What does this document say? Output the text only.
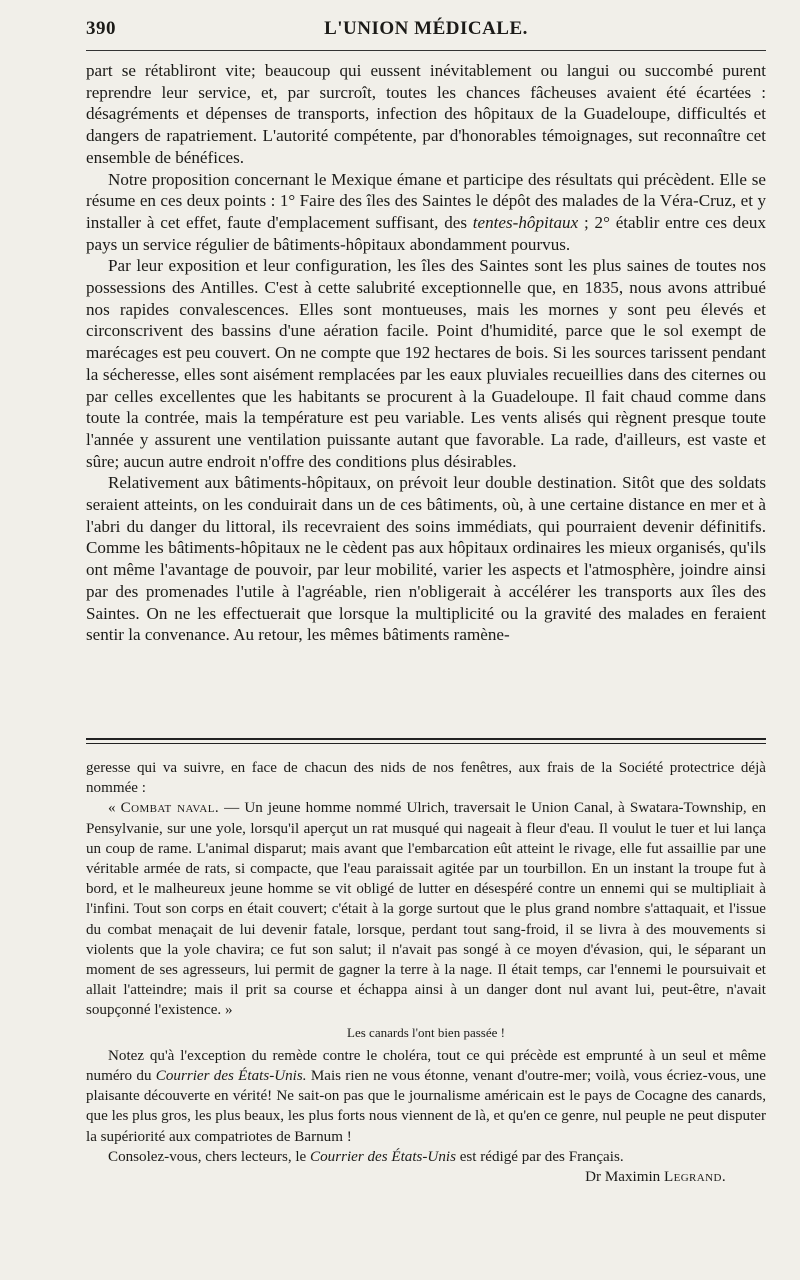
390	L'UNION MÉDICALE.

part se rétabliront vite; beaucoup qui eussent inévitablement ou langui ou succombé purent reprendre leur service, et, par surcroît, toutes les chances fâcheuses avaient été écartées : désagréments et dépenses de transports, infection des hôpitaux de la Guadeloupe, difficultés et dangers de rapatriement. L'autorité compétente, par d'honorables témoignages, sut reconnaître cet ensemble de bénéfices.

Notre proposition concernant le Mexique émane et participe des résultats qui précèdent. Elle se résume en ces deux points : 1° Faire des îles des Saintes le dépôt des malades de la Véra-Cruz, et y installer à cet effet, faute d'emplacement suffisant, des tentes-hôpitaux ; 2° établir entre ces deux pays un service régulier de bâtiments-hôpitaux abondamment pourvus.

Par leur exposition et leur configuration, les îles des Saintes sont les plus saines de toutes nos possessions des Antilles. C'est à cette salubrité exceptionnelle que, en 1835, nous avons attribué nos rapides convalescences. Elles sont montueuses, mais les mornes y sont peu élevés et circonscrivent des bassins d'une aération facile. Point d'humidité, parce que le sol exempt de marécages est peu couvert. On ne compte que 192 hectares de bois. Si les sources tarissent pendant la sécheresse, elles sont aisément remplacées par les eaux pluviales recueillies dans des citernes ou par celles excellentes que les habitants se procurent à la Guadeloupe. Il fait chaud comme dans toute la contrée, mais la température est peu variable. Les vents alisés qui règnent presque toute l'année y assurent une ventilation puissante autant que favorable. La rade, d'ailleurs, est vaste et sûre; aucun autre endroit n'offre des conditions plus désirables.

Relativement aux bâtiments-hôpitaux, on prévoit leur double destination. Sitôt que des soldats seraient atteints, on les conduirait dans un de ces bâtiments, où, à une certaine distance en mer et à l'abri du danger du littoral, ils recevraient des soins immédiats, qui pourraient devenir définitifs. Comme les bâtiments-hôpitaux ne le cèdent pas aux hôpitaux ordinaires les mieux organisés, qu'ils ont même l'avantage de pouvoir, par leur mobilité, varier les aspects et l'atmosphère, joindre ainsi par des promenades l'utile à l'agréable, rien n'obligerait à accélérer les transports aux îles des Saintes. On ne les effectuerait que lorsque la multiplicité ou la gravité des malades en feraient sentir la convenance. Au retour, les mêmes bâtiments ramène-

geresse qui va suivre, en face de chacun des nids de nos fenêtres, aux frais de la Société protectrice déjà nommée :

« Combat naval. — Un jeune homme nommé Ulrich, traversait le Union Canal, à Swatara-Township, en Pensylvanie, sur une yole, lorsqu'il aperçut un rat musqué qui nageait à fleur d'eau. Il voulut le tuer et lui lança un coup de rame. L'animal disparut; mais avant que l'embarcation eût atteint le rivage, elle fut assaillie par une véritable armée de rats, si compacte, que l'eau paraissait agitée par un tourbillon. En un instant la troupe fut à bord, et le malheureux jeune homme se vit obligé de lutter en désespéré contre un ennemi qui se multipliait à l'infini. Tout son corps en était couvert; c'était à la gorge surtout que le plus grand nombre s'attaquait, et l'issue du combat menaçait de lui devenir fatale, lorsque, perdant tout sang-froid, il se livra à des mouvements si violents que la yole chavira; ce fut son salut; il n'avait pas songé à ce moyen d'évasion, qui, le séparant un moment de ses agresseurs, lui permit de gagner la terre à la nage. Il était temps, car l'ennemi le poursuivait et allait l'atteindre; mais il prit sa course et échappa ainsi à un danger dont nul avant lui, peut-être, n'avait soupçonné l'existence. »

Les canards l'ont bien passée !

Notez qu'à l'exception du remède contre le choléra, tout ce qui précède est emprunté à un seul et même numéro du Courrier des États-Unis. Mais rien ne vous étonne, venant d'outre-mer; voilà, vous écriez-vous, une plaisante découverte en vérité! Ne sait-on pas que le journalisme américain est le pays de Cocagne des canards, que les plus gros, les plus beaux, les plus forts nous viennent de là, et qu'en ce genre, nul peuple ne peut disputer la supériorité aux compatriotes de Barnum !

Consolez-vous, chers lecteurs, le Courrier des États-Unis est rédigé par des Français.

Dr Maximin Legrand.
